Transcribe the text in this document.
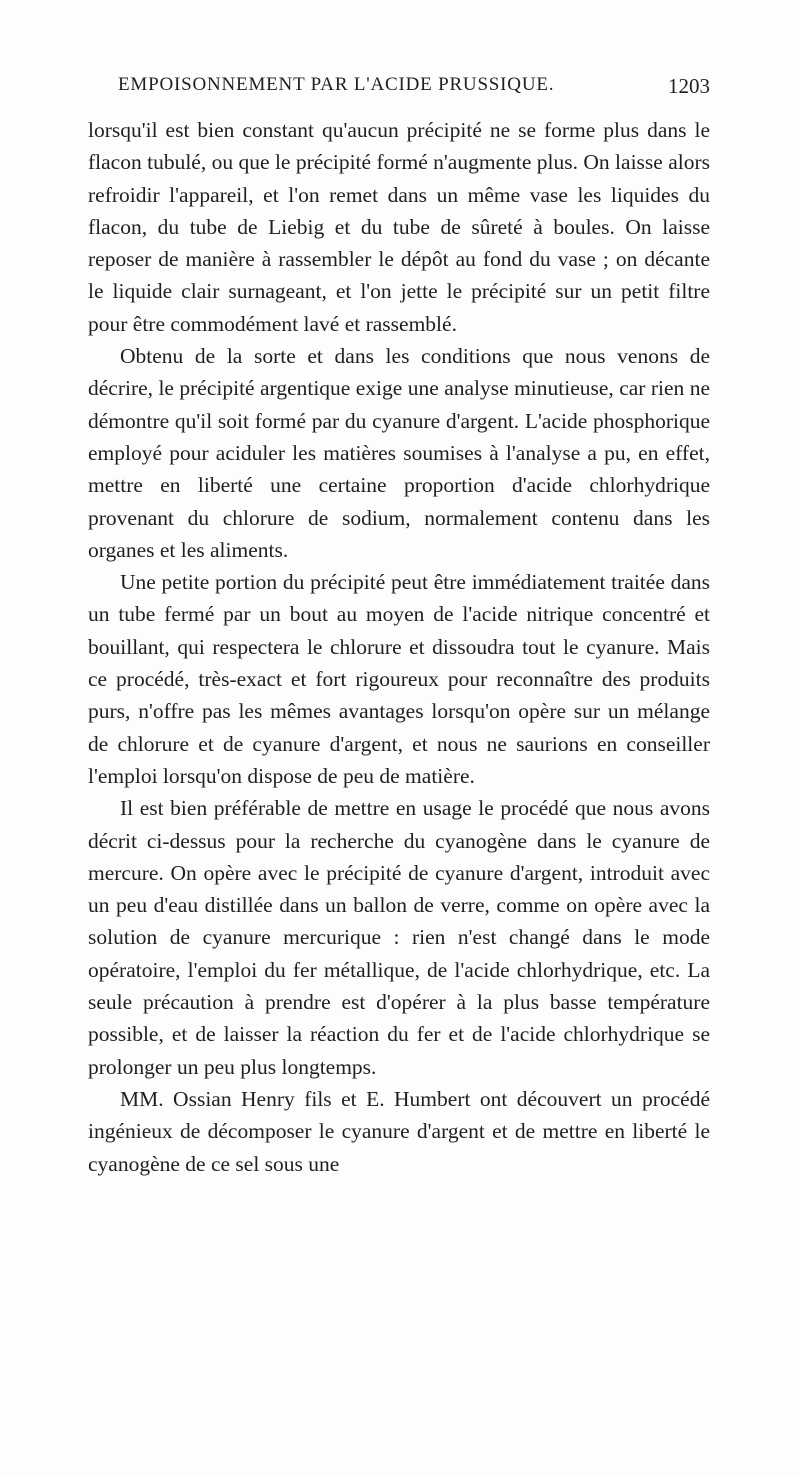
EMPOISONNEMENT PAR L'ACIDE PRUSSIQUE.	1203

lorsqu'il est bien constant qu'aucun précipité ne se forme plus dans le flacon tubulé, ou que le précipité formé n'augmente plus. On laisse alors refroidir l'appareil, et l'on remet dans un même vase les liquides du flacon, du tube de Liebig et du tube de sûreté à boules. On laisse reposer de manière à rassembler le dépôt au fond du vase ; on décante le liquide clair surnageant, et l'on jette le précipité sur un petit filtre pour être commodément lavé et rassemblé.

Obtenu de la sorte et dans les conditions que nous venons de décrire, le précipité argentique exige une analyse minutieuse, car rien ne démontre qu'il soit formé par du cyanure d'argent. L'acide phosphorique employé pour aciduler les matières soumises à l'analyse a pu, en effet, mettre en liberté une certaine proportion d'acide chlorhydrique provenant du chlorure de sodium, normalement contenu dans les organes et les aliments.

Une petite portion du précipité peut être immédiatement traitée dans un tube fermé par un bout au moyen de l'acide nitrique concentré et bouillant, qui respectera le chlorure et dissoudra tout le cyanure. Mais ce procédé, très-exact et fort rigoureux pour reconnaître des produits purs, n'offre pas les mêmes avantages lorsqu'on opère sur un mélange de chlorure et de cyanure d'argent, et nous ne saurions en conseiller l'emploi lorsqu'on dispose de peu de matière.

Il est bien préférable de mettre en usage le procédé que nous avons décrit ci-dessus pour la recherche du cyanogène dans le cyanure de mercure. On opère avec le précipité de cyanure d'argent, introduit avec un peu d'eau distillée dans un ballon de verre, comme on opère avec la solution de cyanure mercurique : rien n'est changé dans le mode opératoire, l'emploi du fer métallique, de l'acide chlorhydrique, etc. La seule précaution à prendre est d'opérer à la plus basse température possible, et de laisser la réaction du fer et de l'acide chlorhydrique se prolonger un peu plus longtemps.

MM. Ossian Henry fils et E. Humbert ont découvert un procédé ingénieux de décomposer le cyanure d'argent et de mettre en liberté le cyanogène de ce sel sous une
